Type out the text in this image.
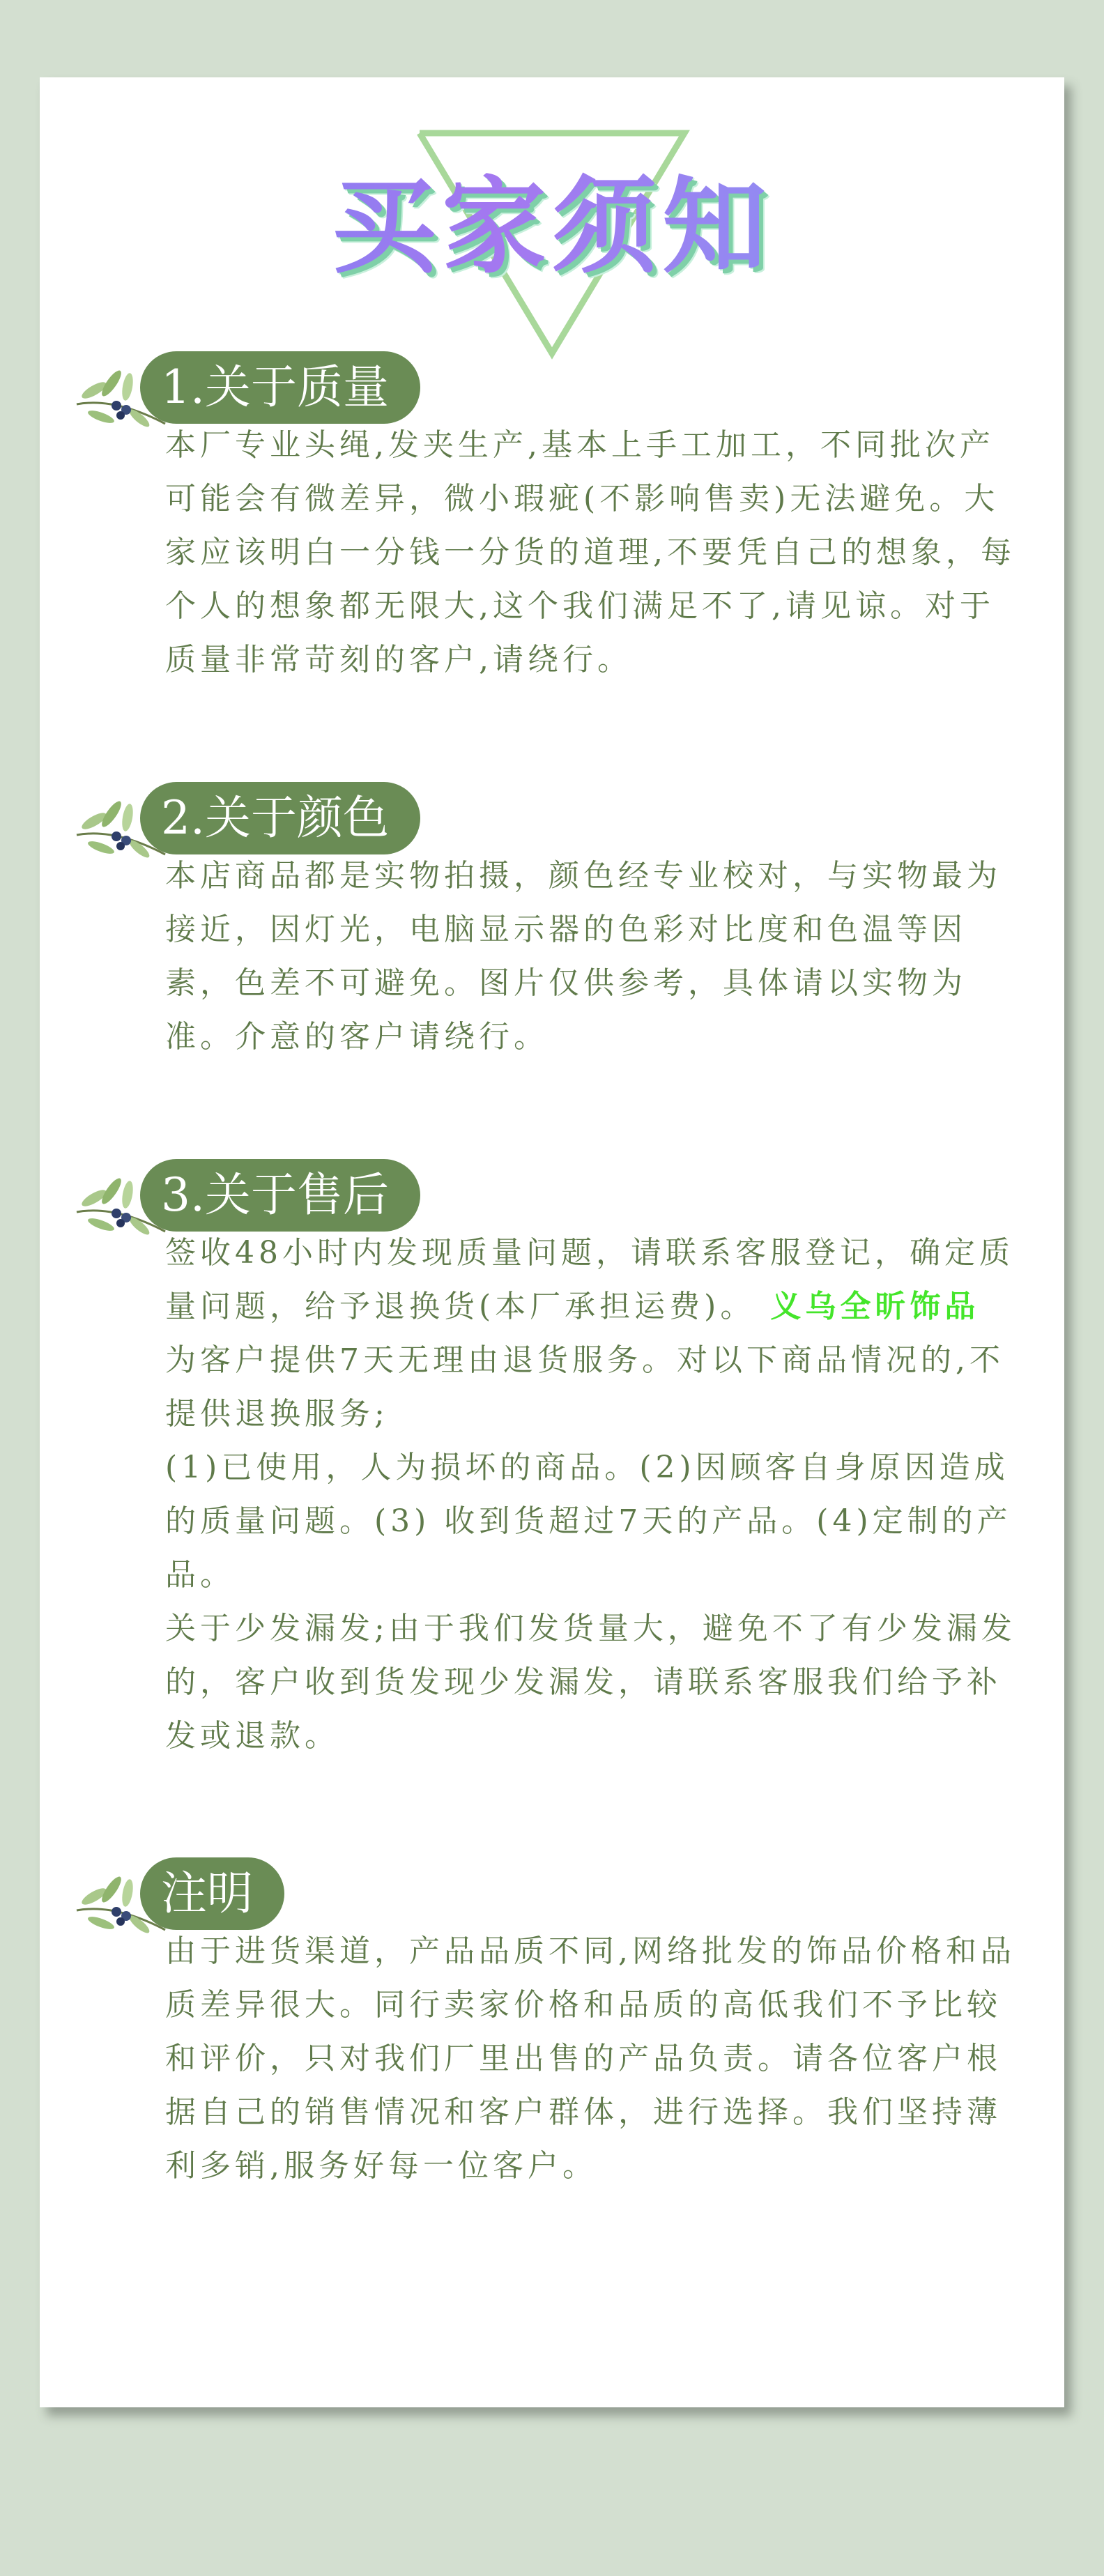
买家须知
1.关于质量

本厂专业头绳,发夹生产,基本上手工加工，不同批次产可能会有微差异，微小瑕疵(不影响售卖)无法避免。大家应该明白一分钱一分货的道理,不要凭自己的想象，每个人的想象都无限大,这个我们满足不了,请见谅。对于质量非常苛刻的客户,请绕行。

2.关于颜色

本店商品都是实物拍摄，颜色经专业校对，与实物最为接近，因灯光，电脑显示器的色彩对比度和色温等因素，色差不可避免。图片仅供参考，具体请以实物为准。介意的客户请绕行。

3.关于售后

签收48小时内发现质量问题，请联系客服登记，确定质量问题，给予退换货(本厂承担运费)。 义乌全昕饰品为客户提供7天无理由退货服务。对以下商品情况的,不提供退换服务;

(1)已使用，人为损坏的商品。(2)因顾客自身原因造成的质量问题。(3) 收到货超过7天的产品。(4)定制的产品。

关于少发漏发;由于我们发货量大，避免不了有少发漏发的，客户收到货发现少发漏发，请联系客服我们给予补发或退款。

注明

由于进货渠道，产品品质不同,网络批发的饰品价格和品质差异很大。同行卖家价格和品质的高低我们不予比较和评价，只对我们厂里出售的产品负责。请各位客户根据自己的销售情况和客户群体，进行选择。我们坚持薄利多销,服务好每一位客户。
